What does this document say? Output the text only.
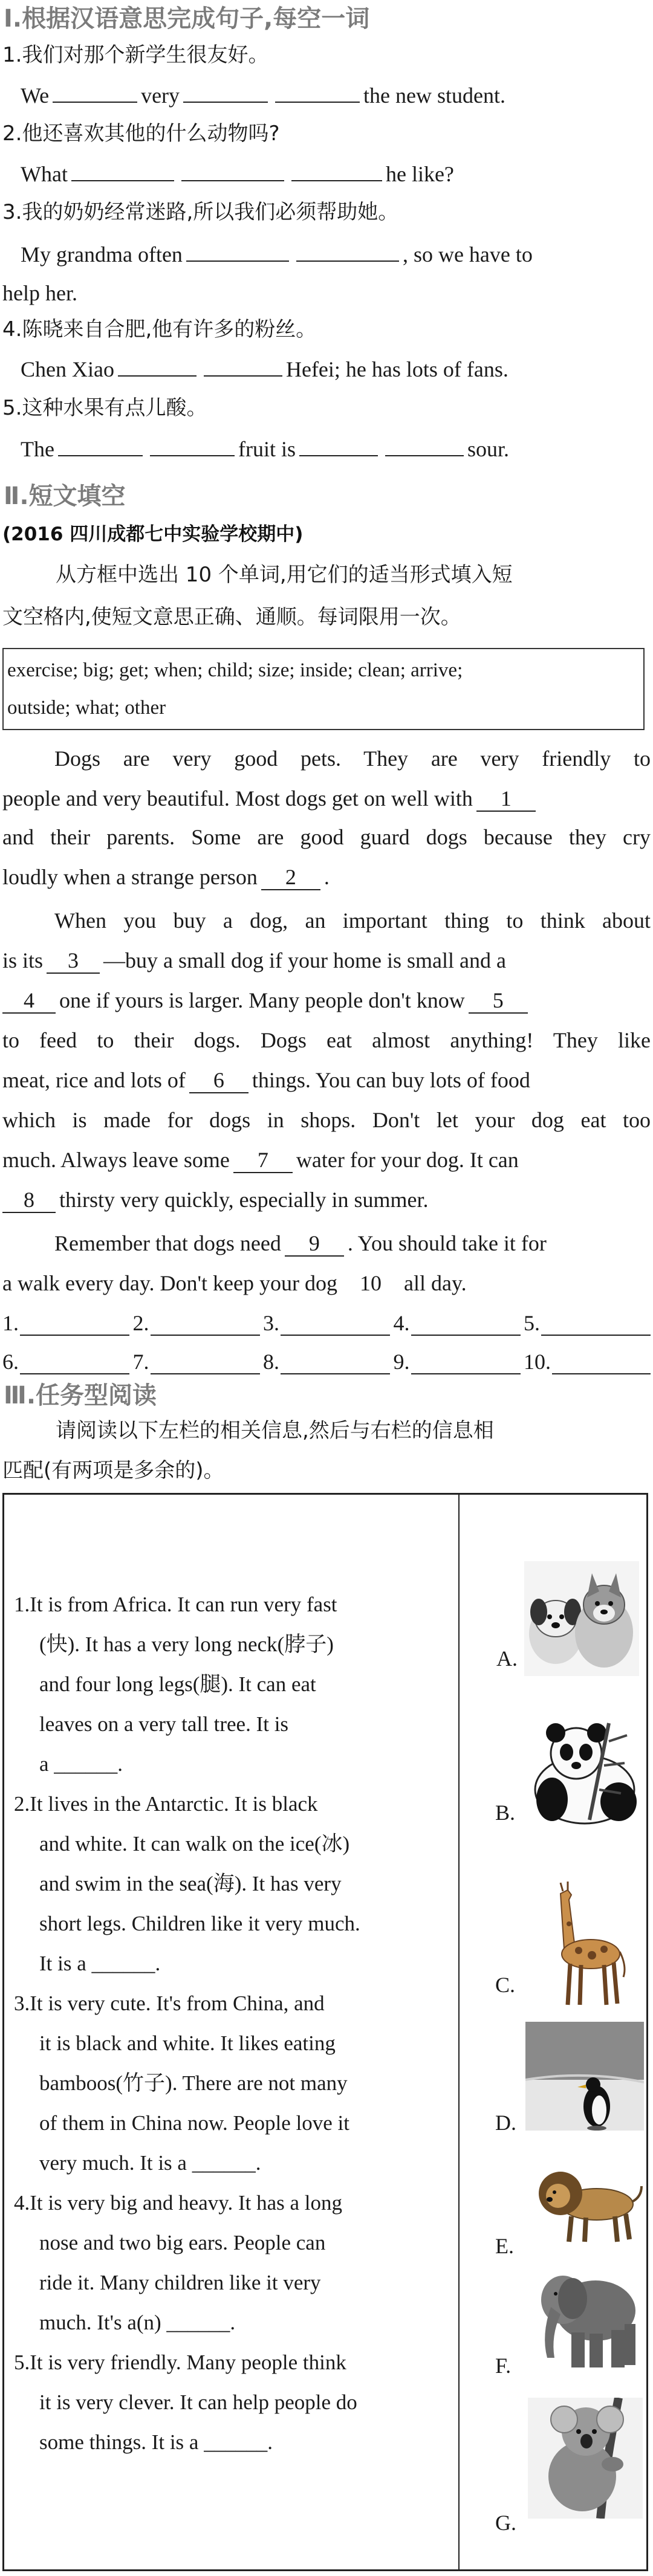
Ⅰ.根据汉语意思完成句子,每空一词
1.我们对那个新学生很友好。
We	very	the new student.
2.他还喜欢其他的什么动物吗?
What	he like?
3.我的奶奶经常迷路,所以我们必须帮助她。
My grandma often	, so we have to
help her.
4.陈晓来自合肥,他有许多的粉丝。
Chen Xiao	Hefei; he has lots of fans.
5.这种水果有点儿酸。
The	fruit is	sour.
Ⅱ.短文填空
(2016 四川成都七中实验学校期中)
从方框中选出 10 个单词,用它们的适当形式填入短
文空格内,使短文意思正确、通顺。每词限用一次。
exercise; big; get; when; child; size; inside; clean; arrive;
outside; what; other
Dogs are very good pets. They are very friendly to
people and very beautiful. Most dogs get on well with 1
and their parents. Some are good guard dogs because they cry
loudly when a strange person 2 .
When you buy a dog, an important thing to think about
is its 3 —buy a small dog if your home is small and a
4 one if yours is larger. Many people don't know 5
to feed to their dogs. Dogs eat almost anything! They like
meat, rice and lots of 6 things. You can buy lots of food
which is made for dogs in shops. Don't let your dog eat too
much. Always leave some 7 water for your dog. It can
8 thirsty very quickly, especially in summer.
Remember that dogs need 9 . You should take it for
a walk every day. Don't keep your dog 10 all day.
1.	2.	3.	4.	5.
6.	7.	8.	9.	10.
Ⅲ.任务型阅读
请阅读以下左栏的相关信息,然后与右栏的信息相
匹配(有两项是多余的)。
1.It is from Africa. It can run very fast
(快). It has a very long neck(脖子)
and four long legs(腿). It can eat
leaves on a very tall tree. It is
a ______.
2.It lives in the Antarctic. It is black
and white. It can walk on the ice(冰)
and swim in the sea(海). It has very
short legs. Children like it very much.
It is a ______.
3.It is very cute. It's from China, and
it is black and white. It likes eating
bamboos(竹子). There are not many
of them in China now. People love it
very much. It is a ______.
4.It is very big and heavy. It has a long
nose and two big ears. People can
ride it. Many children like it very
much. It's a(n) ______.
5.It is very friendly. Many people think
it is very clever. It can help people do
some things. It is a ______.
A.
B.
C.
D.
E.
F.
G.
